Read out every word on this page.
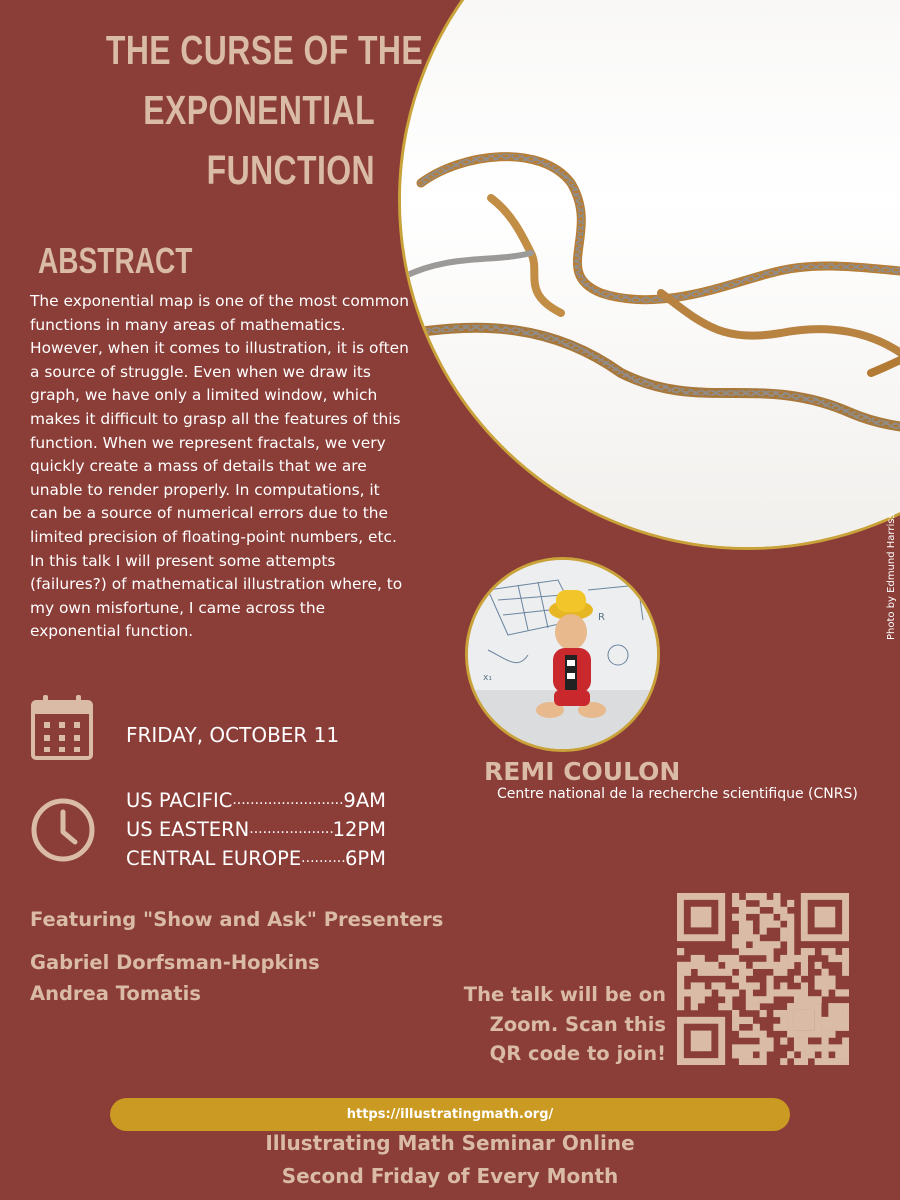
THE CURSE OF THE
EXPONENTIAL
FUNCTION
Photo by Edmund Harriss
ABSTRACT
The exponential map is one of the most common functions in many areas of mathematics. However, when it comes to illustration, it is often a source of struggle. Even when we draw its graph, we have only a limited window, which makes it difficult to grasp all the features of this function. When we represent fractals, we very quickly create a mass of details that we are unable to render properly. In computations, it can be a source of numerical errors due to the limited precision of floating-point numbers, etc. In this talk I will present some attempts (failures?) of mathematical illustration where, to my own misfortune, I came across the exponential function.
R
x₁
REMI COULON
Centre national de la recherche scientifique (CNRS)
FRIDAY, OCTOBER 11
US PACIFIC .....	9AM
US EASTERN .....	12PM
CENTRAL EUROPE ..... 6PM
Featuring "Show and Ask" Presenters
Gabriel Dorfsman-Hopkins
Andrea Tomatis	The talk will be on
Zoom. Scan this
QR code to join!
https://illustratingmath.org/
Illustrating Math Seminar Online
Second Friday of Every Month
